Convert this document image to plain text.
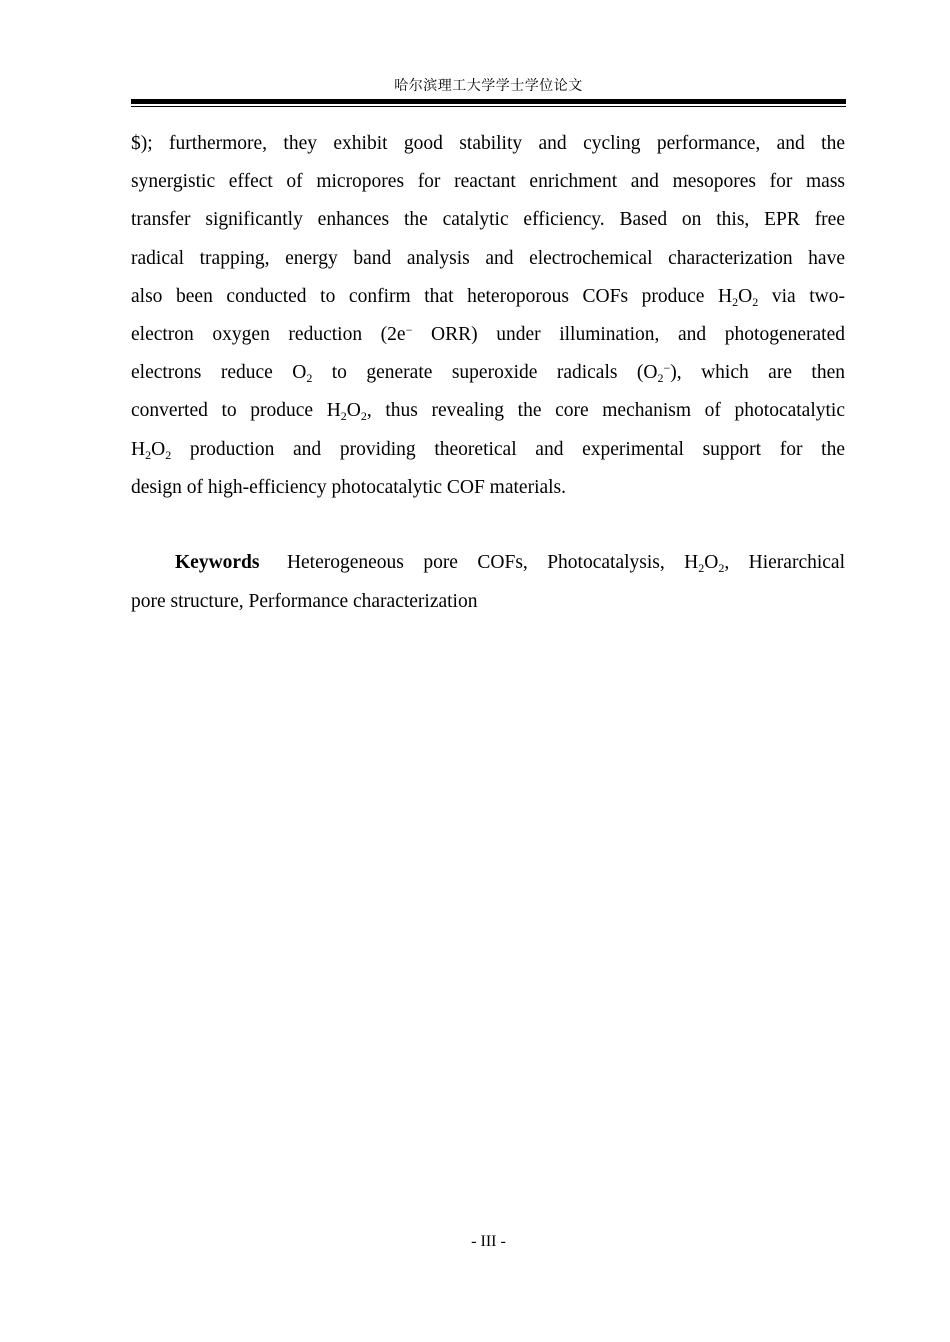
哈尔滨理工大学学士学位论文

$); furthermore, they exhibit good stability and cycling performance, and the
synergistic effect of micropores for reactant enrichment and mesopores for mass
transfer significantly enhances the catalytic efficiency. Based on this, EPR free
radical trapping, energy band analysis and electrochemical characterization have
also been conducted to confirm that heteroporous COFs produce $H_2O_2$ via two-
electron oxygen reduction (2e− ORR) under illumination, and photogenerated
electrons reduce $O_2$ to generate superoxide radicals $(O_2^-)$, which are then
converted to produce $H_2O_2$, thus revealing the core mechanism of photocatalytic
$H_2O_2$ production and providing theoretical and experimental support for the
design of high-efficiency photocatalytic COF materials.
Keywords Heterogeneous pore COFs, Photocatalysis, $H_2O_2$, Hierarchical
pore structure, Performance characterization
- III -
